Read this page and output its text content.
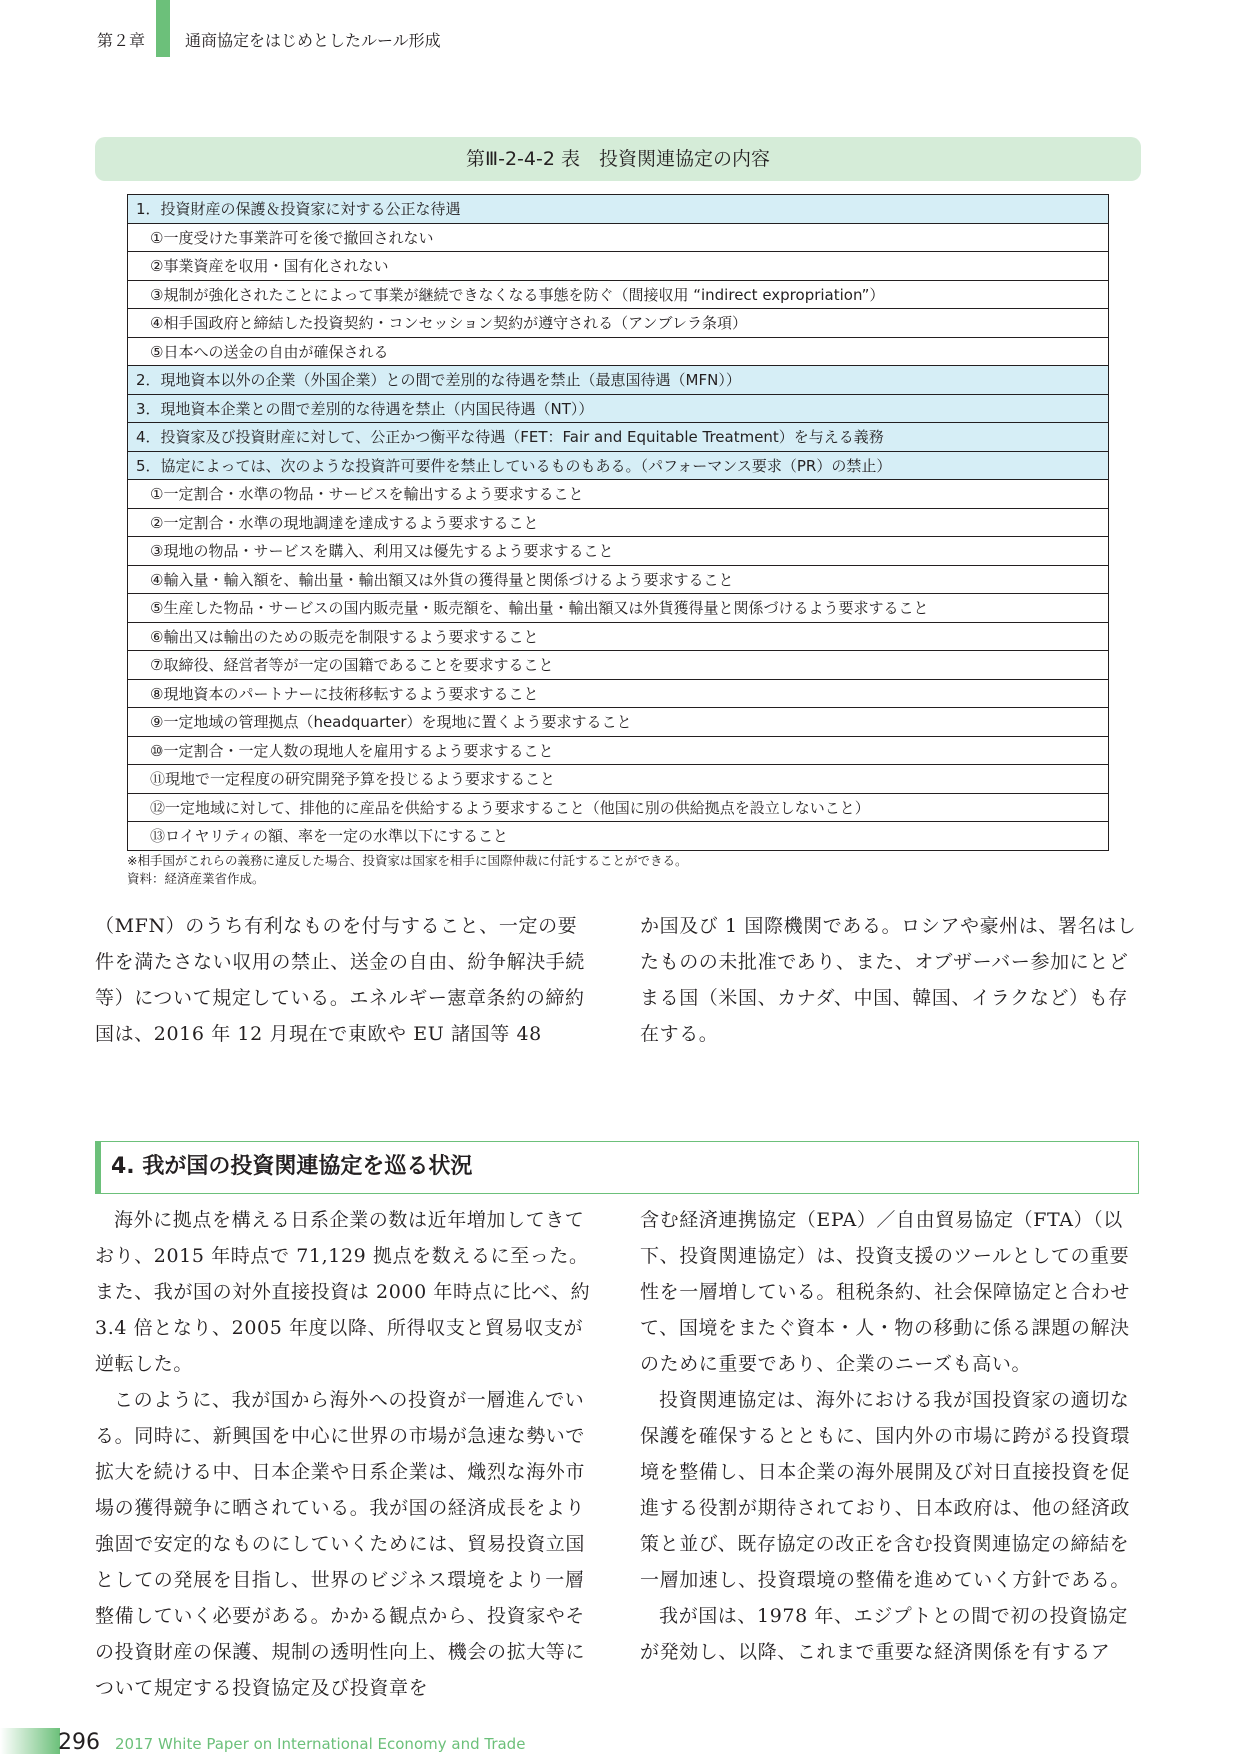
第２章 通商協定をはじめとしたルール形成
第Ⅲ-2-4-2 表　投資関連協定の内容
1．投資財産の保護＆投資家に対する公正な待遇
①一度受けた事業許可を後で撤回されない
②事業資産を収用・国有化されない
③規制が強化されたことによって事業が継続できなくなる事態を防ぐ（間接収用 “indirect expropriation”）
④相手国政府と締結した投資契約・コンセッション契約が遵守される（アンブレラ条項）
⑤日本への送金の自由が確保される
2．現地資本以外の企業（外国企業）との間で差別的な待遇を禁止（最恵国待遇（MFN））
3．現地資本企業との間で差別的な待遇を禁止（内国民待遇（NT））
4．投資家及び投資財産に対して、公正かつ衡平な待遇（FET：Fair and Equitable Treatment）を与える義務
5．協定によっては、次のような投資許可要件を禁止しているものもある。（パフォーマンス要求（PR）の禁止）
①一定割合・水準の物品・サービスを輸出するよう要求すること
②一定割合・水準の現地調達を達成するよう要求すること
③現地の物品・サービスを購入、利用又は優先するよう要求すること
④輸入量・輸入額を、輸出量・輸出額又は外貨の獲得量と関係づけるよう要求すること
⑤生産した物品・サービスの国内販売量・販売額を、輸出量・輸出額又は外貨獲得量と関係づけるよう要求すること
⑥輸出又は輸出のための販売を制限するよう要求すること
⑦取締役、経営者等が一定の国籍であることを要求すること
⑧現地資本のパートナーに技術移転するよう要求すること
⑨一定地域の管理拠点（headquarter）を現地に置くよう要求すること
⑩一定割合・一定人数の現地人を雇用するよう要求すること
⑪現地で一定程度の研究開発予算を投じるよう要求すること
⑫一定地域に対して、排他的に産品を供給するよう要求すること（他国に別の供給拠点を設立しないこと）
⑬ロイヤリティの額、率を一定の水準以下にすること
※相手国がこれらの義務に違反した場合、投資家は国家を相手に国際仲裁に付託することができる。
資料：経済産業省作成。

（MFN）のうち有利なものを付与すること、一定の要件を満たさない収用の禁止、送金の自由、紛争解決手続等）について規定している。エネルギー憲章条約の締約国は、2016 年 12 月現在で東欧や EU 諸国等 48

か国及び 1 国際機関である。ロシアや豪州は、署名はしたものの未批准であり、また、オブザーバー参加にとどまる国（米国、カナダ、中国、韓国、イラクなど）も存在する。

4. 我が国の投資関連協定を巡る状況

海外に拠点を構える日系企業の数は近年増加してきており、2015 年時点で 71,129 拠点を数えるに至った。また、我が国の対外直接投資は 2000 年時点に比べ、約 3.4 倍となり、2005 年度以降、所得収支と貿易収支が逆転した。

このように、我が国から海外への投資が一層進んでいる。同時に、新興国を中心に世界の市場が急速な勢いで拡大を続ける中、日本企業や日系企業は、熾烈な海外市場の獲得競争に晒されている。我が国の経済成長をより強固で安定的なものにしていくためには、貿易投資立国としての発展を目指し、世界のビジネス環境をより一層整備していく必要がある。かかる観点から、投資家やその投資財産の保護、規制の透明性向上、機会の拡大等について規定する投資協定及び投資章を

含む経済連携協定（EPA）／自由貿易協定（FTA）（以下、投資関連協定）は、投資支援のツールとしての重要性を一層増している。租税条約、社会保障協定と合わせて、国境をまたぐ資本・人・物の移動に係る課題の解決のために重要であり、企業のニーズも高い。

投資関連協定は、海外における我が国投資家の適切な保護を確保するとともに、国内外の市場に跨がる投資環境を整備し、日本企業の海外展開及び対日直接投資を促進する役割が期待されており、日本政府は、他の経済政策と並び、既存協定の改正を含む投資関連協定の締結を一層加速し、投資環境の整備を進めていく方針である。

我が国は、1978 年、エジプトとの間で初の投資協定が発効し、以降、これまで重要な経済関係を有するア

296 2017 White Paper on International Economy and Trade
